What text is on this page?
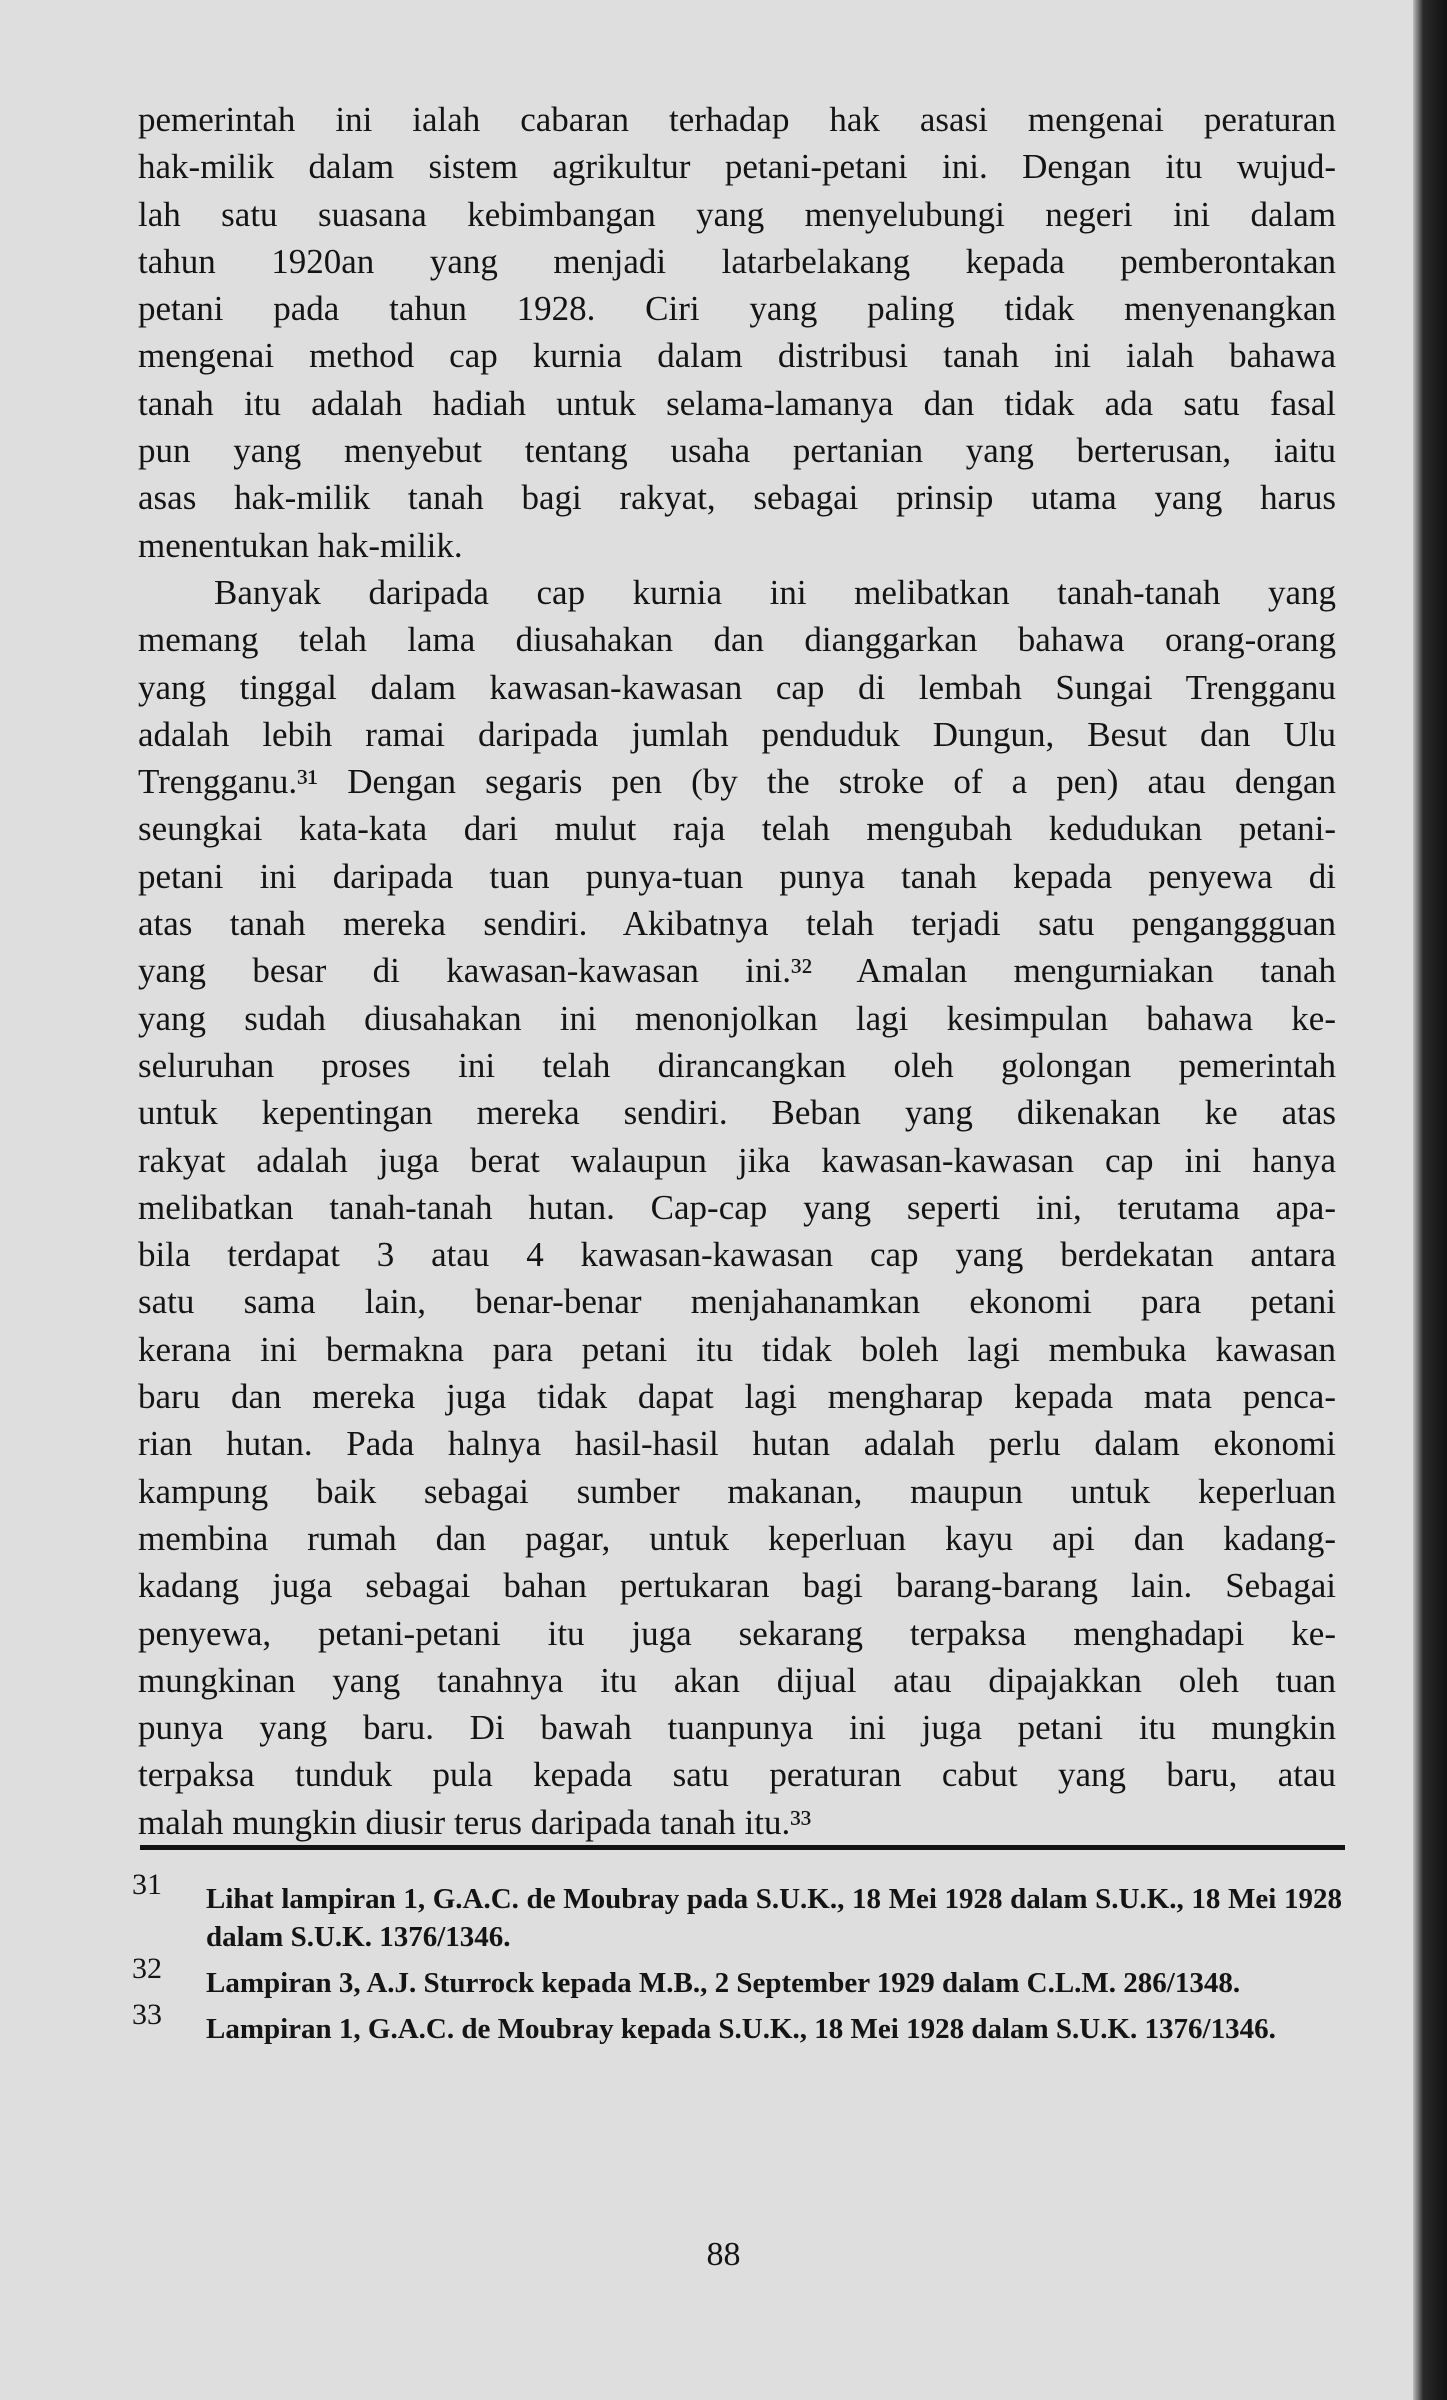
pemerintah ini ialah cabaran terhadap hak asasi mengenai peraturan
hak-milik dalam sistem agrikultur petani-petani ini. Dengan itu wujud-
lah satu suasana kebimbangan yang menyelubungi negeri ini dalam
tahun 1920an yang menjadi latarbelakang kepada pemberontakan
petani pada tahun 1928. Ciri yang paling tidak menyenangkan
mengenai method cap kurnia dalam distribusi tanah ini ialah bahawa
tanah itu adalah hadiah untuk selama-lamanya dan tidak ada satu fasal
pun yang menyebut tentang usaha pertanian yang berterusan, iaitu
asas hak-milik tanah bagi rakyat, sebagai prinsip utama yang harus
menentukan hak-milik.
Banyak daripada cap kurnia ini melibatkan tanah-tanah yang
memang telah lama diusahakan dan dianggarkan bahawa orang-orang
yang tinggal dalam kawasan-kawasan cap di lembah Sungai Trengganu
adalah lebih ramai daripada jumlah penduduk Dungun, Besut dan Ulu
Trengganu.³¹ Dengan segaris pen (by the stroke of a pen) atau dengan
seungkai kata-kata dari mulut raja telah mengubah kedudukan petani-
petani ini daripada tuan punya-tuan punya tanah kepada penyewa di
atas tanah mereka sendiri. Akibatnya telah terjadi satu penganggguan
yang besar di kawasan-kawasan ini.³² Amalan mengurniakan tanah
yang sudah diusahakan ini menonjolkan lagi kesimpulan bahawa ke-
seluruhan proses ini telah dirancangkan oleh golongan pemerintah
untuk kepentingan mereka sendiri. Beban yang dikenakan ke atas
rakyat adalah juga berat walaupun jika kawasan-kawasan cap ini hanya
melibatkan tanah-tanah hutan. Cap-cap yang seperti ini, terutama apa-
bila terdapat 3 atau 4 kawasan-kawasan cap yang berdekatan antara
satu sama lain, benar-benar menjahanamkan ekonomi para petani
kerana ini bermakna para petani itu tidak boleh lagi membuka kawasan
baru dan mereka juga tidak dapat lagi mengharap kepada mata penca-
rian hutan. Pada halnya hasil-hasil hutan adalah perlu dalam ekonomi
kampung baik sebagai sumber makanan, maupun untuk keperluan
membina rumah dan pagar, untuk keperluan kayu api dan kadang-
kadang juga sebagai bahan pertukaran bagi barang-barang lain. Sebagai
penyewa, petani-petani itu juga sekarang terpaksa menghadapi ke-
mungkinan yang tanahnya itu akan dijual atau dipajakkan oleh tuan
punya yang baru. Di bawah tuanpunya ini juga petani itu mungkin
terpaksa tunduk pula kepada satu peraturan cabut yang baru, atau
malah mungkin diusir terus daripada tanah itu.³³
31 Lihat lampiran 1, G.A.C. de Moubray pada S.U.K., 18 Mei 1928 dalam S.U.K., 18 Mei 1928 dalam S.U.K. 1376/1346.
32 Lampiran 3, A.J. Sturrock kepada M.B., 2 September 1929 dalam C.L.M. 286/1348.
33 Lampiran 1, G.A.C. de Moubray kepada S.U.K., 18 Mei 1928 dalam S.U.K. 1376/1346.
88
